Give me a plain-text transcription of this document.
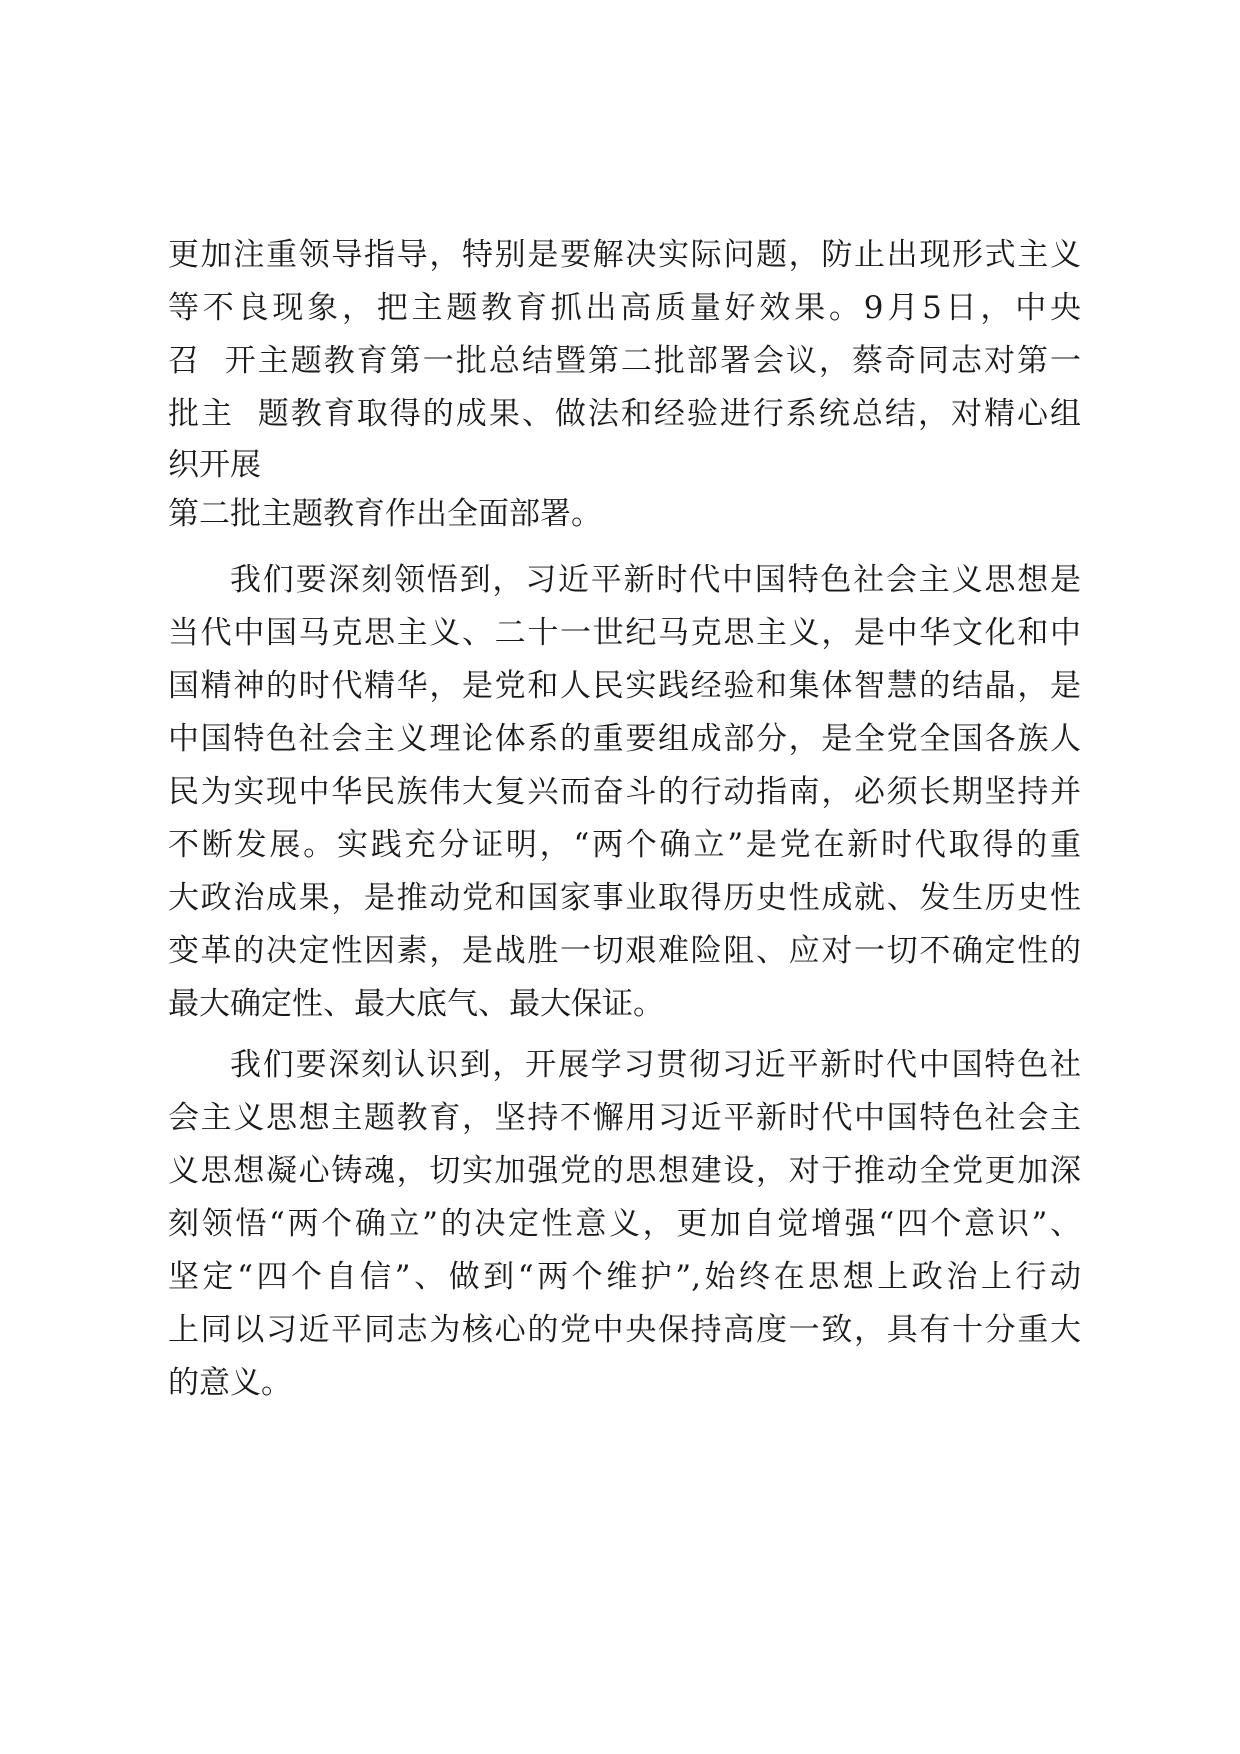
更加注重领导指导，特别是要解决实际问题，防止出现形式主义

等不良现象，把主题教育抓出高质量好效果。9月5日，中央

召  开主题教育第一批总结暨第二批部署会议，蔡奇同志对第一

批主  题教育取得的成果、做法和经验进行系统总结，对精心组

织开展

第二批主题教育作出全面部署。

我们要深刻领悟到，习近平新时代中国特色社会主义思想是

当代中国马克思主义、二十一世纪马克思主义，是中华文化和中

国精神的时代精华，是党和人民实践经验和集体智慧的结晶，是

中国特色社会主义理论体系的重要组成部分，是全党全国各族人

民为实现中华民族伟大复兴而奋斗的行动指南，必须长期坚持并

不断发展。实践充分证明，“两个确立”是党在新时代取得的重

大政治成果，是推动党和国家事业取得历史性成就、发生历史性

变革的决定性因素，是战胜一切艰难险阻、应对一切不确定性的

最大确定性、最大底气、最大保证。

我们要深刻认识到，开展学习贯彻习近平新时代中国特色社

会主义思想主题教育，坚持不懈用习近平新时代中国特色社会主

义思想凝心铸魂，切实加强党的思想建设，对于推动全党更加深

刻领悟“两个确立”的决定性意义，更加自觉增强“四个意识”、

坚定“四个自信”、做到“两个维护”,始终在思想上政治上行动

上同以习近平同志为核心的党中央保持高度一致，具有十分重大

的意义。
